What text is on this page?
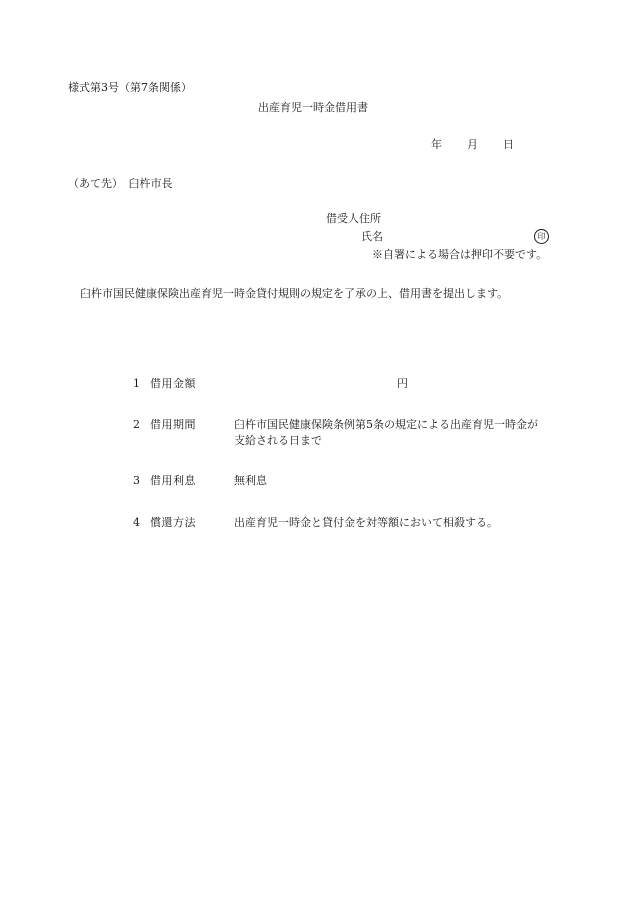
様式第3号（第7条関係）
出産育児一時金借用書
年 月 日
（あて先）　臼杵市長
借受人住所
氏名	印
※自署による場合は押印不要です。
臼杵市国民健康保険出産育児一時金貸付規則の規定を了承の上、借用書を提出します。
1 借用金額	円
2 借用期間	臼杵市国民健康保険条例第5条の規定による出産育児一時金が
支給される日まで
3 借用利息	無利息
4 償還方法	出産育児一時金と貸付金を対等額において相殺する。
